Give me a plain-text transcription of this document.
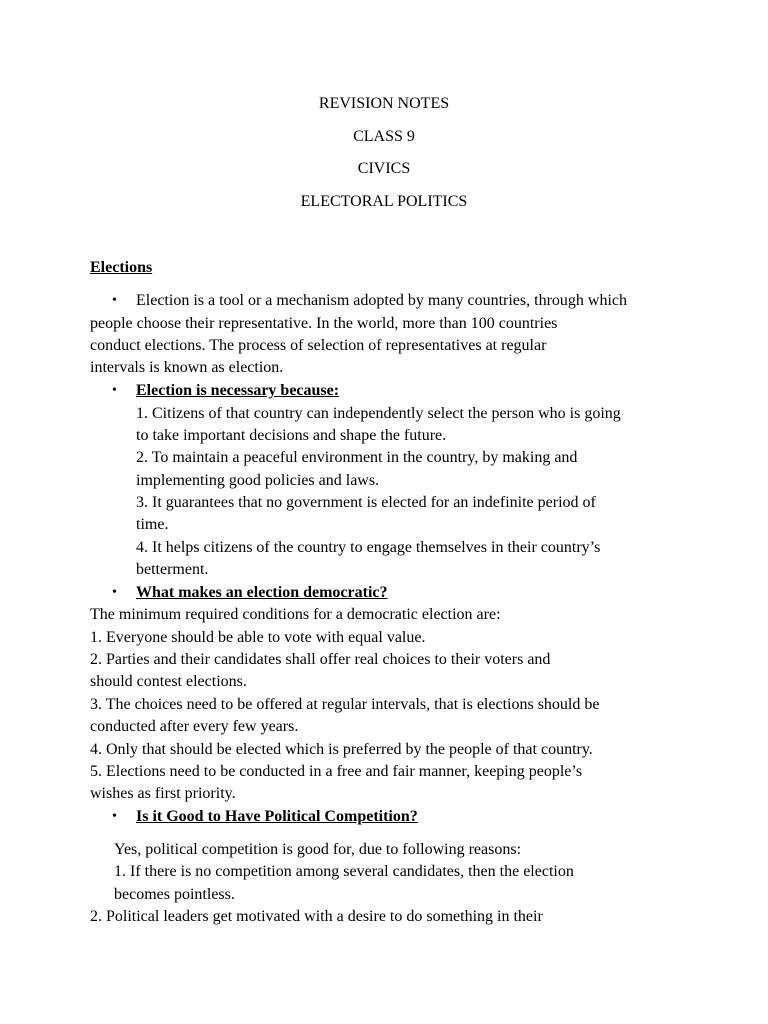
REVISION NOTES

CLASS 9

CIVICS

ELECTORAL POLITICS

Elections

• Election is a tool or a mechanism adopted by many countries, through which

people choose their representative. In the world, more than 100 countries

conduct elections. The process of selection of representatives at regular

intervals is known as election.

• Election is necessary because:

1. Citizens of that country can independently select the person who is going

to take important decisions and shape the future.

2. To maintain a peaceful environment in the country, by making and

implementing good policies and laws.

3. It guarantees that no government is elected for an indefinite period of

time.

4. It helps citizens of the country to engage themselves in their country’s

betterment.

• What makes an election democratic?

The minimum required conditions for a democratic election are:

1. Everyone should be able to vote with equal value.

2. Parties and their candidates shall offer real choices to their voters and

should contest elections.

3. The choices need to be offered at regular intervals, that is elections should be

conducted after every few years.

4. Only that should be elected which is preferred by the people of that country.

5. Elections need to be conducted in a free and fair manner, keeping people’s

wishes as first priority.

• Is it Good to Have Political Competition?

Yes, political competition is good for, due to following reasons:

1. If there is no competition among several candidates, then the election

becomes pointless.

2. Political leaders get motivated with a desire to do something in their
